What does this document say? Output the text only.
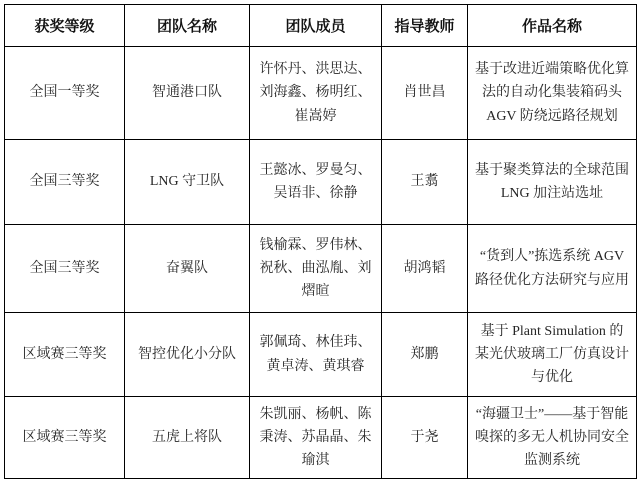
获奖等级	团队名称	团队成员	指导教师	作品名称
全国一等奖	智通港口队	许怀丹、洪思达、刘海鑫、杨明红、崔嵩婷	肖世昌	基于改进近端策略优化算法的自动化集装箱码头 AGV 防绕远路径规划
全国三等奖	LNG 守卫队	王懿冰、罗曼匀、吴语非、徐静	王翥	基于聚类算法的全球范围 LNG 加注站选址
全国三等奖	奋翼队	钱榆霖、罗伟林、祝秋、曲泓胤、刘熠暄	胡鸿韬	“货到人”拣选系统 AGV 路径优化方法研究与应用
区域赛三等奖	智控优化小分队	郭佩琦、林佳玮、黄卓涛、黄琪睿	郑鹏	基于 Plant Simulation 的某光伏玻璃工厂仿真设计与优化
区域赛三等奖	五虎上将队	朱凯丽、杨帆、陈秉涛、苏晶晶、朱瑜淇	于尧	“海疆卫士”——基于智能嗅探的多无人机协同安全监测系统
